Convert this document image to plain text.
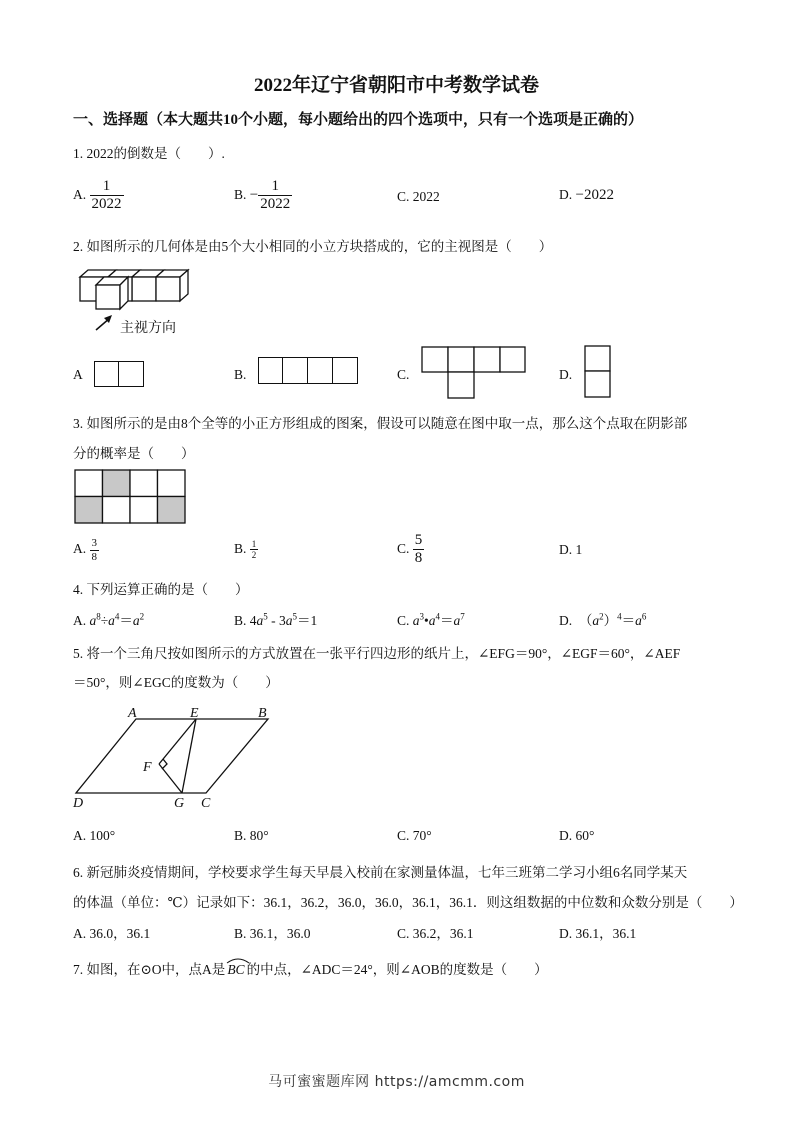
2022年辽宁省朝阳市中考数学试卷
一、选择题（本大题共10个小题，每小题给出的四个选项中，只有一个选项是正确的）
1. 2022的倒数是（　　）.
A. $\frac{1}{2022}$	B. − $\frac{1}{2022}$	C. 2022	D. −2022
2. 如图所示的几何体是由5个大小相同的小立方块搭成的，它的主视图是（　　）
主视方向
A	B.	C.	D.
3. 如图所示的是由8个全等的小正方形组成的图案，假设可以随意在图中取一点，那么这个点取在阴影部
分的概率是（　　）
A. $\frac{3}{8}$	B. $\frac{1}{2}$	C. $\frac{5}{8}$	D. 1
4. 下列运算正确的是（　　）
A. $a^8\div a^4=a^2$	B. $4a^5 - 3a^5=1$	C. $a^3•a^4=a^7$	D.  $(a^2)^4=a^6$
5. 将一个三角尺按如图所示的方式放置在一张平行四边形的纸片上，∠EFG＝90°，∠EGF＝60°，∠AEF
＝50°，则∠EGC的度数为（　　）
A	E	B
F
D	G C
A. 100°	B. 80°	C. 70°	D. 60°
6. 新冠肺炎疫情期间，学校要求学生每天早晨入校前在家测量体温，七年三班第二学习小组6名同学某天
的体温（单位：℃）记录如下：36.1，36.2，36.0，36.0，36.1，36.1．则这组数据的中位数和众数分别是（　　）
A. 36.0，36.1	B. 36.1，36.0	C. 36.2，36.1	D. 36.1，36.1
7. 如图，在⊙O中，点A是 BC 的中点，∠ADC＝24°，则∠AOB的度数是（　　）
马可蜜蜜题库网 https://amcmm.com
